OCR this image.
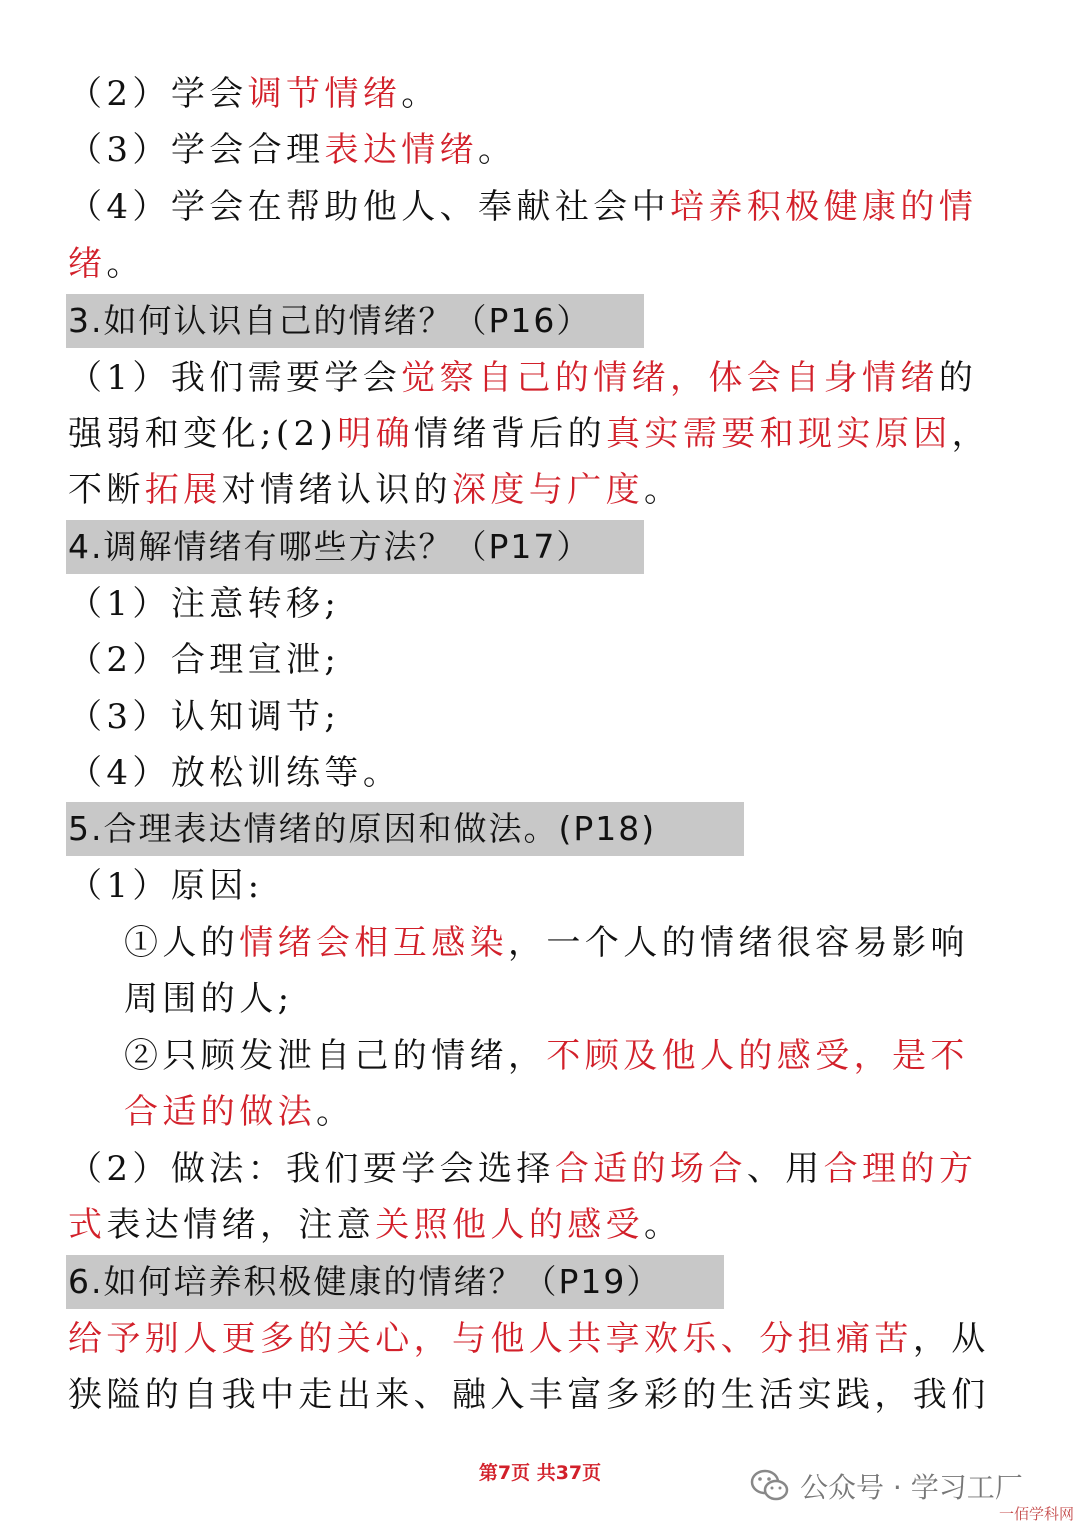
（2）学会调节情绪。
（3）学会合理表达情绪。
（4）学会在帮助他人、奉献社会中培养积极健康的情
绪。
3.如何认识自己的情绪？（P16）
（1）我们需要学会觉察自己的情绪，体会自身情绪的
强弱和变化;(2)明确情绪背后的真实需要和现实原因，
不断拓展对情绪认识的深度与广度。
4.调解情绪有哪些方法？（P17）
（1）注意转移;
（2）合理宣泄;
（3）认知调节;
（4）放松训练等。
5.合理表达情绪的原因和做法。(P18)
（1）原因:
①人的情绪会相互感染，一个人的情绪很容易影响
周围的人;
②只顾发泄自己的情绪，不顾及他人的感受，是不
合适的做法。
（2）做法：我们要学会选择合适的场合、用合理的方
式表达情绪，注意关照他人的感受。
6.如何培养积极健康的情绪？（P19）
给予别人更多的关心，与他人共享欢乐、分担痛苦，从
狭隘的自我中走出来、融入丰富多彩的生活实践，我们
第7页 共37页	公众号 · 学习工厂
一佰学科网
